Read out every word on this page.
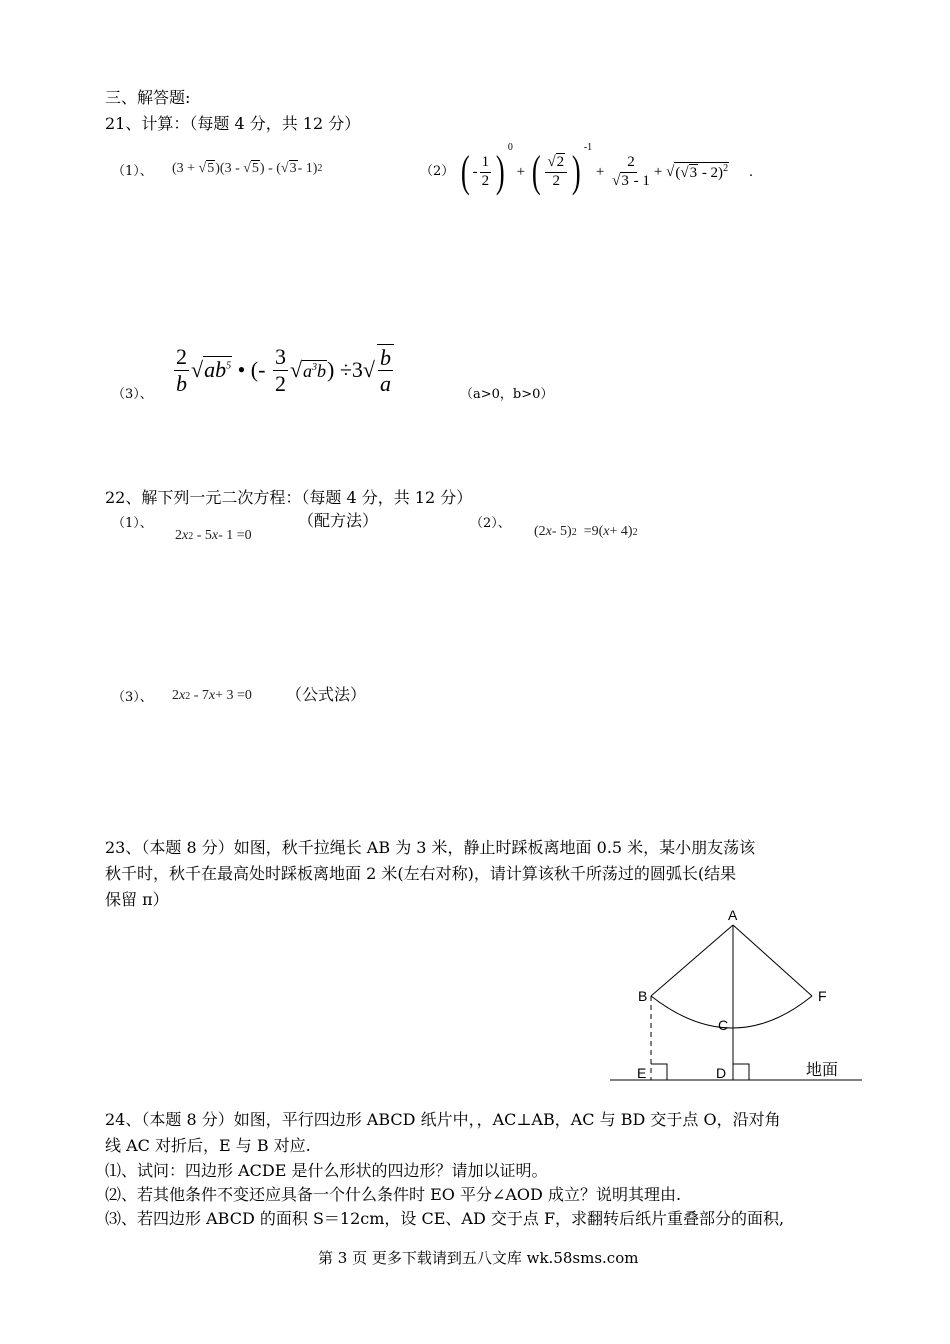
三、解答题:
21、计算：（每题 4 分，共 12 分）
（1）、 (3 + √ 5 )(3 - √ 5 ) - (√ 3 - 1) 2	（2） ( - $\frac{1}{2}$ ) $^0$
+ ( $\frac{√2}{2}$ ) $^{-1}$
+ $\frac{2}{√3 - 1}$ + √ (√3 - 2)$^2$ .
$\frac{2}{b} √ab^5$ • (- $\frac{3}{2} √a^3b$ ) ÷3 √ $\frac{b}{a}$
（3）、	（a>0，b>0）
22、解下列一元二次方程：（每题 4 分，共 12 分）
（1）、
2 x 2 - 5 x - 1 =0
（配方法）	（2）、
(2 x - 5) 2 =9( x + 4) 2
（3）、 2 x 2 - 7 x + 3 =0 （公式法）
23、（本题 8 分）如图，秋千拉绳长 AB 为 3 米，静止时踩板离地面 0.5 米，某小朋友荡该
秋千时，秋千在最高处时踩板离地面 2 米(左右对称)，请计算该秋千所荡过的圆弧长(结果
保留 π）
A
B
C
D
E
F
地面
24、（本题 8 分）如图，平行四边形 ABCD 纸片中，，AC⊥AB，AC 与 BD 交于点 O，沿对角
线 AC 对折后，E 与 B 对应.
⑴、试问：四边形 ACDE 是什么形状的四边形？请加以证明。
⑵、若其他条件不变还应具备一个什么条件时 EO 平分∠AOD 成立？说明其理由.
⑶、若四边形 ABCD 的面积 S＝12cm，设 CE、AD 交于点 F，求翻转后纸片重叠部分的面积,
第 3 页 更多下载请到五八文库 wk.58sms.com
